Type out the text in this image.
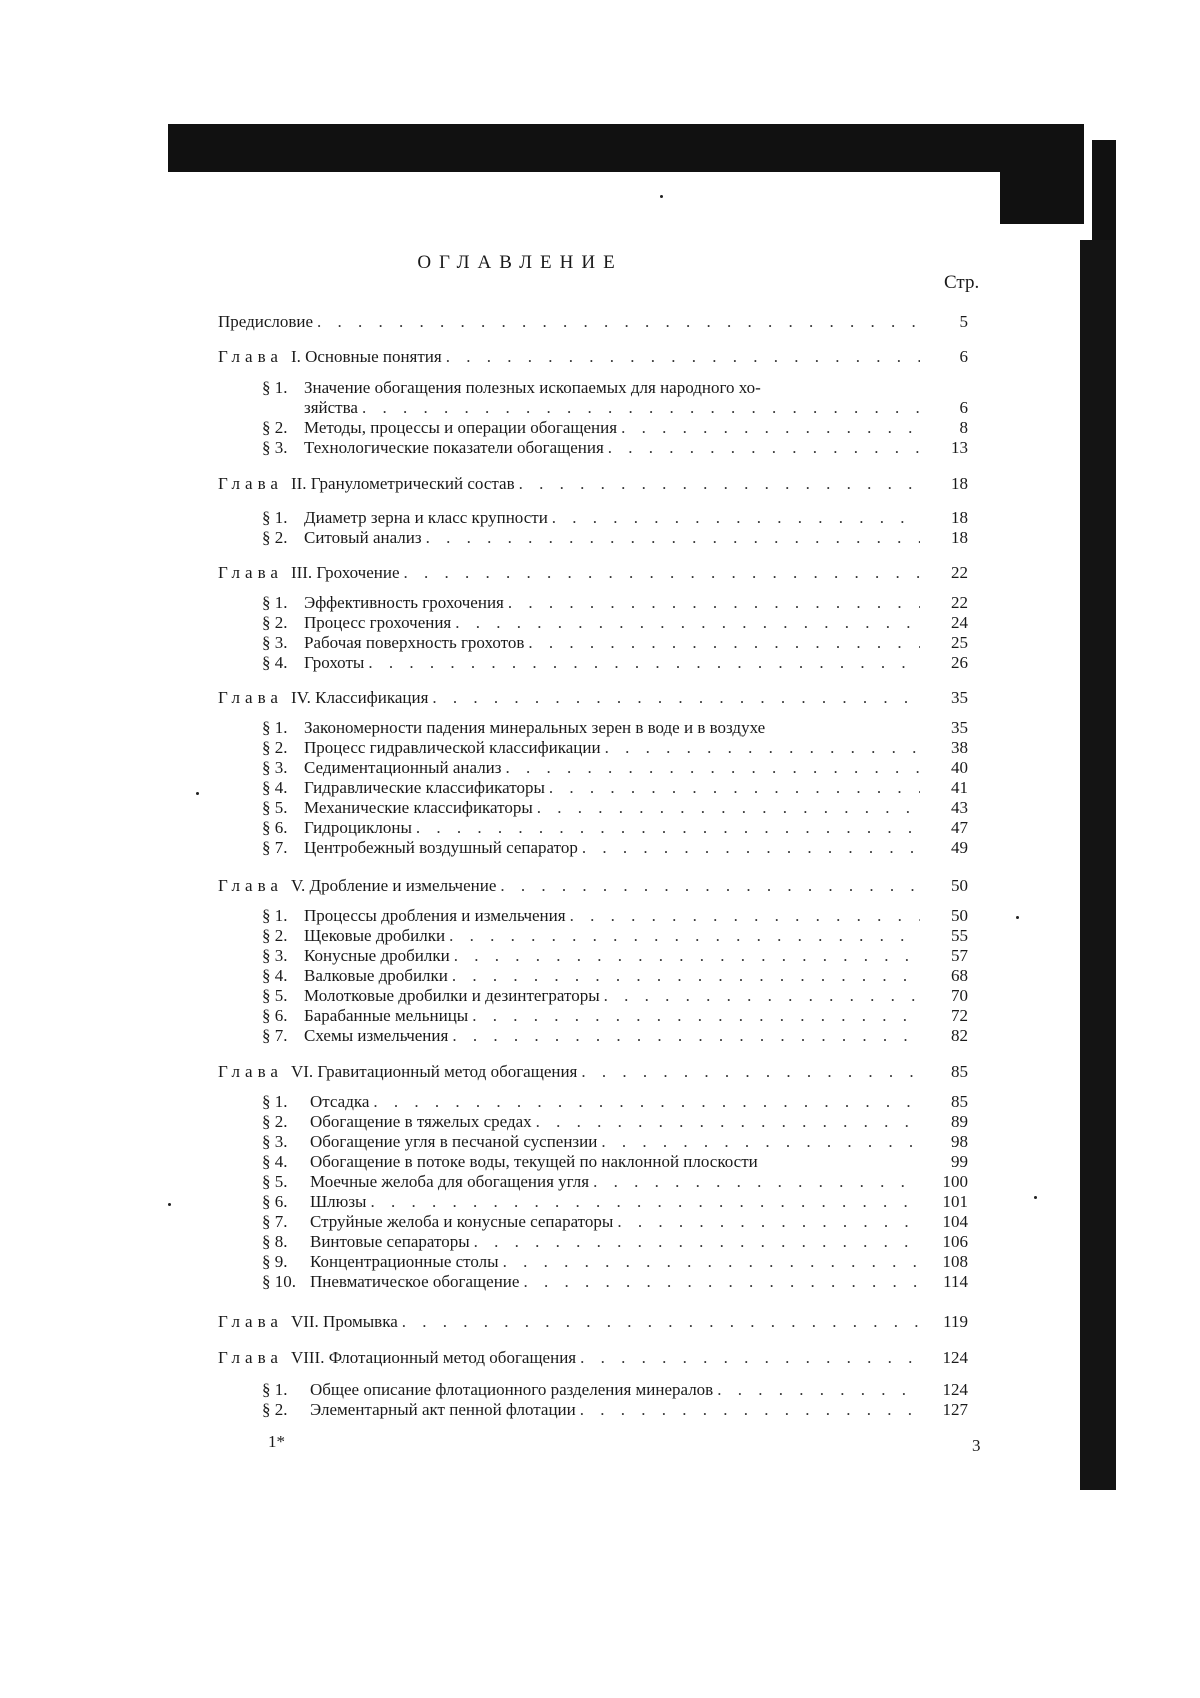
ОГЛАВЛЕНИЕ
Стр.
Предисловие . . .	5
Глава I. Основные понятия . . .	6
§ 1. Значение обогащения полезных ископаемых для народного хо-
зяйства . . .	6
§ 2. Методы, процессы и операции обогащения . . .	8
§ 3. Технологические показатели обогащения . . .	13
Глава II. Гранулометрический состав . . .	18
§ 1. Диаметр зерна и класс крупности . . .	18
§ 2. Ситовый анализ . . .	18
Глава III. Грохочение . . .	22
§ 1. Эффективность грохочения . . .	22
§ 2. Процесс грохочения . . .	24
§ 3. Рабочая поверхность грохотов . . .	25
§ 4. Грохоты . . .	26
Глава IV. Классификация . . .	35
§ 1. Закономерности падения минеральных зерен в воде и в воздухе	35
§ 2. Процесс гидравлической классификации . . .	38
§ 3. Седиментационный анализ . . .	40
§ 4. Гидравлические классификаторы . . .	41
§ 5. Механические классификаторы . . .	43
§ 6. Гидроциклоны . . .	47
§ 7. Центробежный воздушный сепаратор . . .	49
Глава V. Дробление и измельчение . . .	50
§ 1. Процессы дробления и измельчения . . .	50
§ 2. Щековые дробилки . . .	55
§ 3. Конусные дробилки . . .	57
§ 4. Валковые дробилки . . .	68
§ 5. Молотковые дробилки и дезинтеграторы . . .	70
§ 6. Барабанные мельницы . . .	72
§ 7. Схемы измельчения . . .	82
Глава VI. Гравитационный метод обогащения . . .	85
§ 1.	Отсадка . . .	85
§ 2.	Обогащение в тяжелых средах . . .	89
§ 3.	Обогащение угля в песчаной суспензии . . .	98
§ 4.	Обогащение в потоке воды, текущей по наклонной плоскости	99
§ 5.	Моечные желоба для обогащения угля . . .	100
§ 6.	Шлюзы . . .	101
§ 7.	Струйные желоба и конусные сепараторы . . .	104
§ 8.	Винтовые сепараторы . . .	106
§ 9.	Концентрационные столы . . .	108
§ 10. Пневматическое обогащение . . .	114
Глава VII. Промывка . . .	119
Глава VIII. Флотационный метод обогащения . . .	124
§ 1.	Общее описание флотационного разделения минералов . . .	124
§ 2.	Элементарный акт пенной флотации . . .	127
1*	3
